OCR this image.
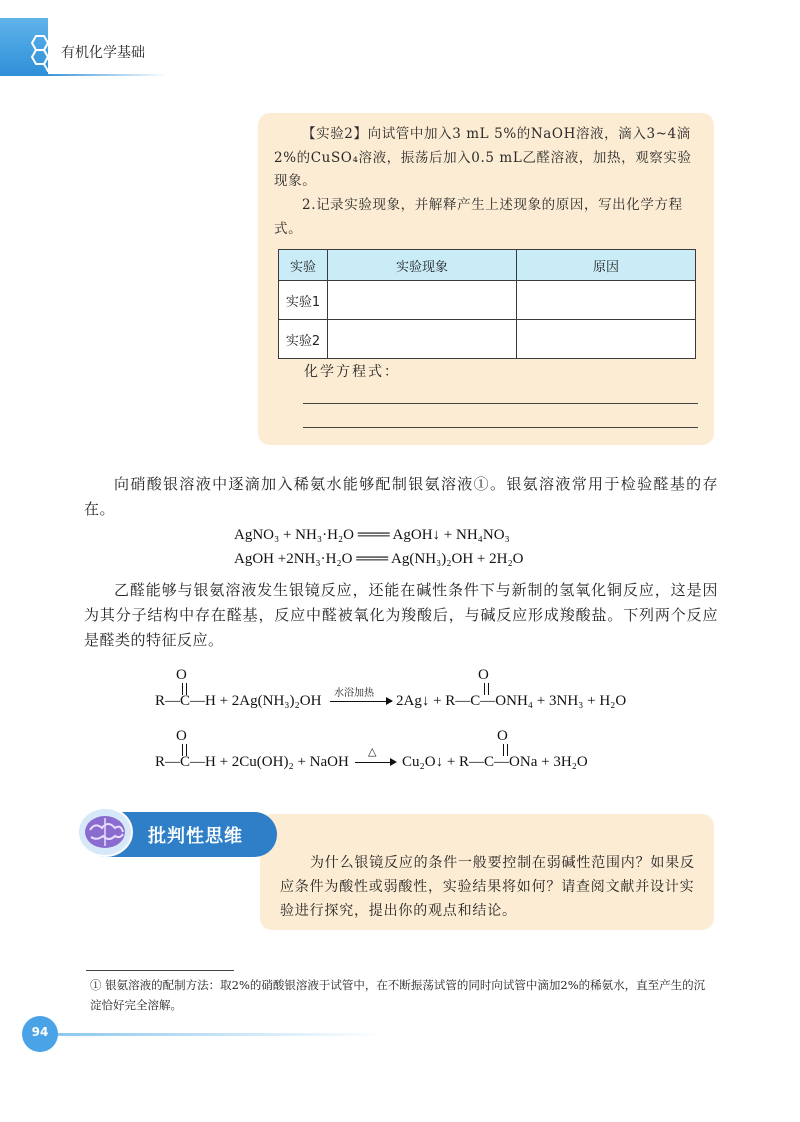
有机化学基础
【实验2】向试管中加入3 mL 5%的NaOH溶液，滴入3~4滴2%的CuSO₄溶液，振荡后加入0.5 mL乙醛溶液，加热，观察实验现象。
2.记录实验现象，并解释产生上述现象的原因，写出化学方程式。
实验	实验现象	原因
实验1		
实验2		
化学方程式：
向硝酸银溶液中逐滴加入稀氨水能够配制银氨溶液①。银氨溶液常用于检验醛基的存在。
AgNO₃ + NH₃·H₂O ═══ AgOH↓ + NH₄NO₃
AgOH +2NH₃·H₂O ═══ Ag(NH₃)₂OH + 2H₂O
乙醛能够与银氨溶液发生银镜反应，还能在碱性条件下与新制的氢氧化铜反应，这是因为其分子结构中存在醛基，反应中醛被氧化为羧酸后，与碱反应形成羧酸盐。下列两个反应是醛类的特征反应。
O
R—C—H + 2Ag(NH₃)₂OH 水浴加热
O
2Ag↓ + R—C—ONH₄ + 3NH₃ + H₂O
O
R—C—H + 2Cu(OH)₂ + NaOH
△
O
Cu₂O↓ + R—C—ONa + 3H₂O
批判性思维
为什么银镜反应的条件一般要控制在弱碱性范围内？如果反应条件为酸性或弱酸性，实验结果将如何？请查阅文献并设计实验进行探究，提出你的观点和结论。
① 银氨溶液的配制方法：取2%的硝酸银溶液于试管中，在不断振荡试管的同时向试管中滴加2%的稀氨水，直至产生的沉淀恰好完全溶解。
94
